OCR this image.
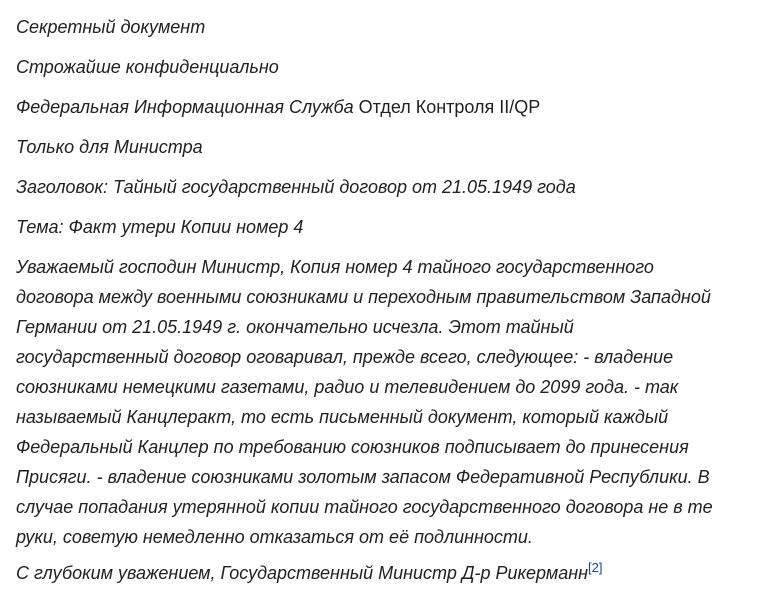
Секретный документ

Строжайше конфиденциально

Федеральная Информационная Служба Отдел Контроля II/QP

Только для Министра

Заголовок: Тайный государственный договор от 21.05.1949 года

Тема: Факт утери Копии номер 4

Уважаемый господин Министр, Копия номер 4 тайного государственного
договора между военными союзниками и переходным правительством Западной
Германии от 21.05.1949 г. окончательно исчезла. Этот тайный
государственный договор оговаривал, прежде всего, следующее: - владение
союзниками немецкими газетами, радио и телевидением до 2099 года. - так
называемый Канцлеракт, то есть письменный документ, который каждый
Федеральный Канцлер по требованию союзников подписывает до принесения
Присяги. - владение союзниками золотым запасом Федеративной Республики. В
случае попадания утерянной копии тайного государственного договора не в те
руки, советую немедленно отказаться от её подлинности.

С глубоким уважением, Государственный Министр Д-р Рикерманн[2]
